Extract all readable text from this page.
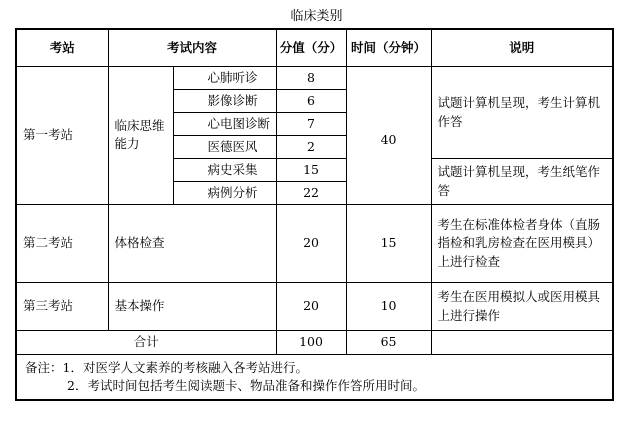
临床类别
考站	考试内容		分值（分）	时间（分钟）	说明
第一考站	临床思维能力	心肺听诊	8	40	试题计算机呈现，考生计算机作答
		影像诊断	6		
		心电图诊断	7		
		医德医风	2		
		病史采集	15		试题计算机呈现，考生纸笔作答
		病例分析	22		
第二考站	体格检查		20	15	考生在标准体检者身体（直肠指检和乳房检查在医用模具）上进行检查
第三考站	基本操作		20	10	考生在医用模拟人或医用模具上进行操作
合计			100	65	

备注：1．对医学人文素养的考核融入各考站进行。
2．考试时间包括考生阅读题卡、物品准备和操作作答所用时间。					
